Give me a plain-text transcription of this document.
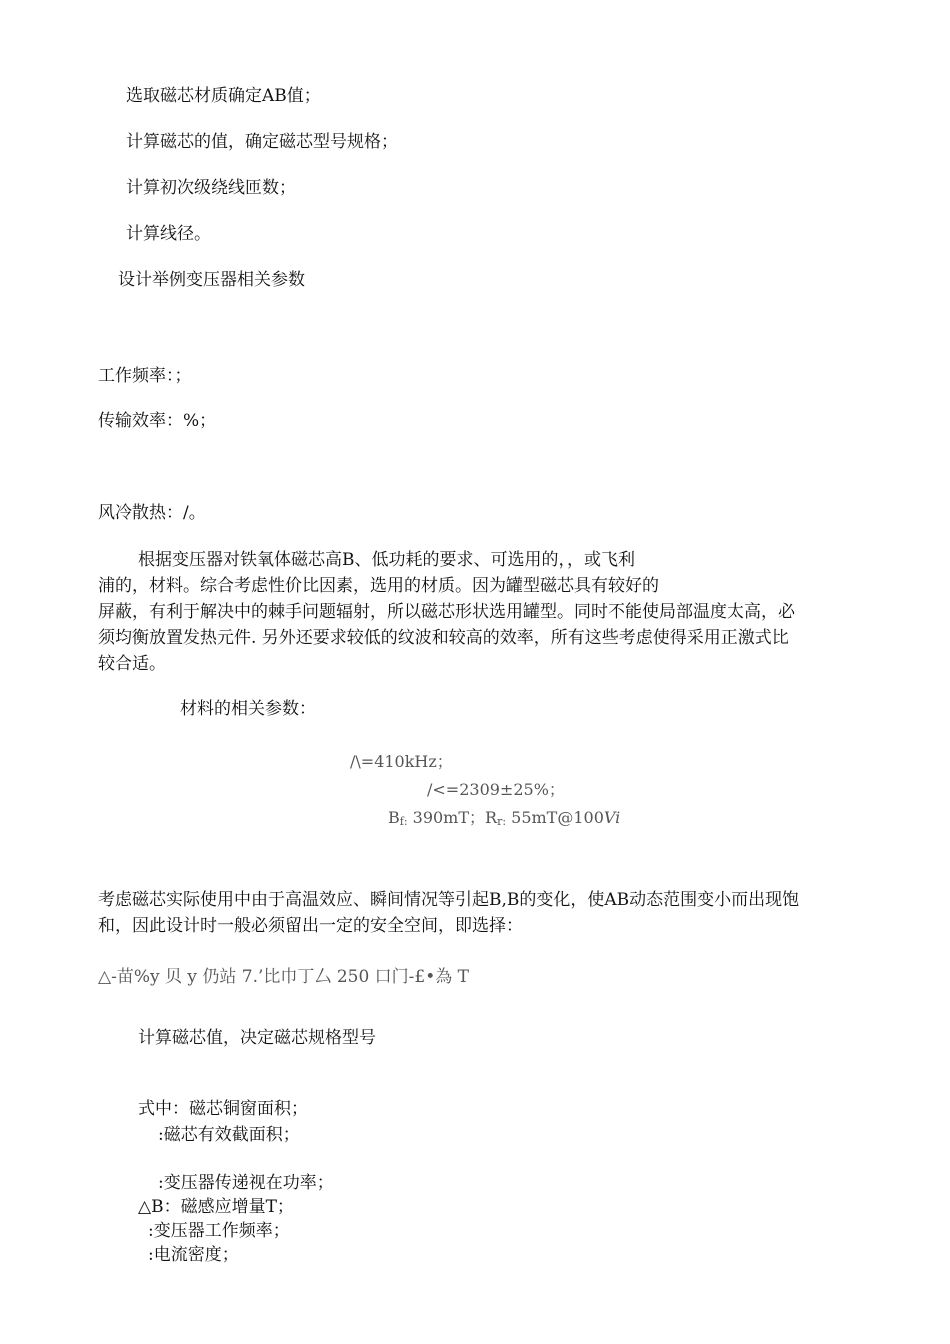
选取磁芯材质确定AB值；
计算磁芯的值，确定磁芯型号规格；
计算初次级绕线匝数；
计算线径。
设计举例变压器相关参数
工作频率：；
传输效率：%；
风冷散热：/。
根据变压器对铁氧体磁芯高B、低功耗的要求、可选用的，，或飞利
浦的，材料。综合考虑性价比因素，选用的材质。因为罐型磁芯具有较好的
屏蔽，有利于解决中的棘手问题辐射，所以磁芯形状选用罐型。同时不能使局部温度太高，必
须均衡放置发热元件. 另外还要求较低的纹波和较高的效率，所有这些考虑使得采用正激式比
较合适。
材料的相关参数：
/\=410kHz；
/<=2309±25%；
Bf: 390mT；Rr: 55mT@100Vi
考虑磁芯实际使用中由于高温效应、瞬间情况等引起B,B的变化，使AB动态范围变小而出现饱
和，因此设计时一般必须留出一定的安全空间，即选择：
△-苗%y 贝 y 仍站 7.’比巾丁厶 250 口门-£•為 T
计算磁芯值，决定磁芯规格型号
式中：磁芯铜窗面积；
:磁芯有效截面积；
:变压器传递视在功率；
△B：磁感应增量T；
:变压器工作频率；
:电流密度；
